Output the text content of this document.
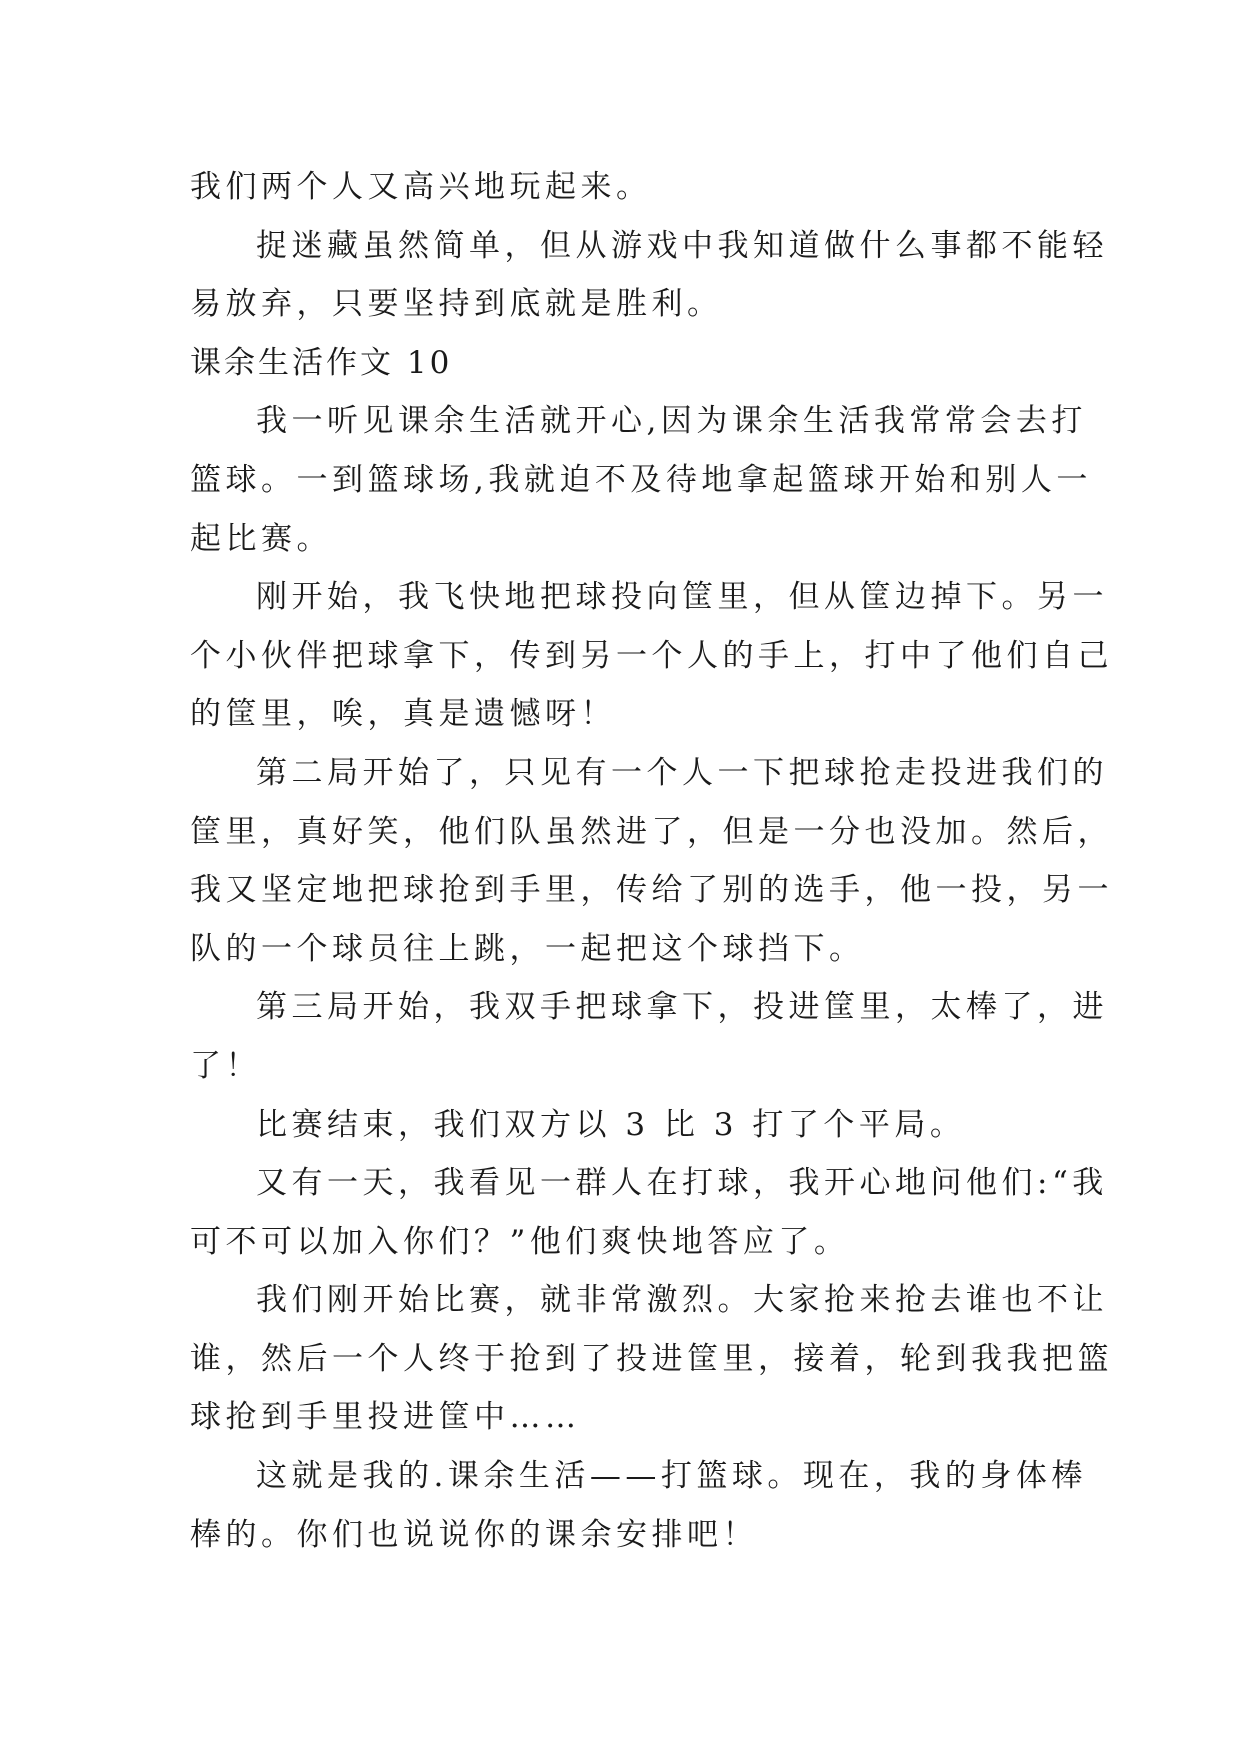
我们两个人又高兴地玩起来。
捉迷藏虽然简单，但从游戏中我知道做什么事都不能轻
易放弃，只要坚持到底就是胜利。
课余生活作文 10
我一听见课余生活就开心,因为课余生活我常常会去打
篮球。一到篮球场,我就迫不及待地拿起篮球开始和别人一
起比赛。
刚开始，我飞快地把球投向筐里，但从筐边掉下。另一
个小伙伴把球拿下，传到另一个人的手上，打中了他们自己
的筐里，唉，真是遗憾呀！
第二局开始了，只见有一个人一下把球抢走投进我们的
筐里，真好笑，他们队虽然进了，但是一分也没加。然后，
我又坚定地把球抢到手里，传给了别的选手，他一投，另一
队的一个球员往上跳，一起把这个球挡下。
第三局开始，我双手把球拿下，投进筐里，太棒了，进
了！
比赛结束，我们双方以 3 比 3 打了个平局。
又有一天，我看见一群人在打球，我开心地问他们:“我
可不可以加入你们？”他们爽快地答应了。
我们刚开始比赛，就非常激烈。大家抢来抢去谁也不让
谁，然后一个人终于抢到了投进筐里，接着，轮到我我把篮
球抢到手里投进筐中……
这就是我的.课余生活——打篮球。现在，我的身体棒
棒的。你们也说说你的课余安排吧！
